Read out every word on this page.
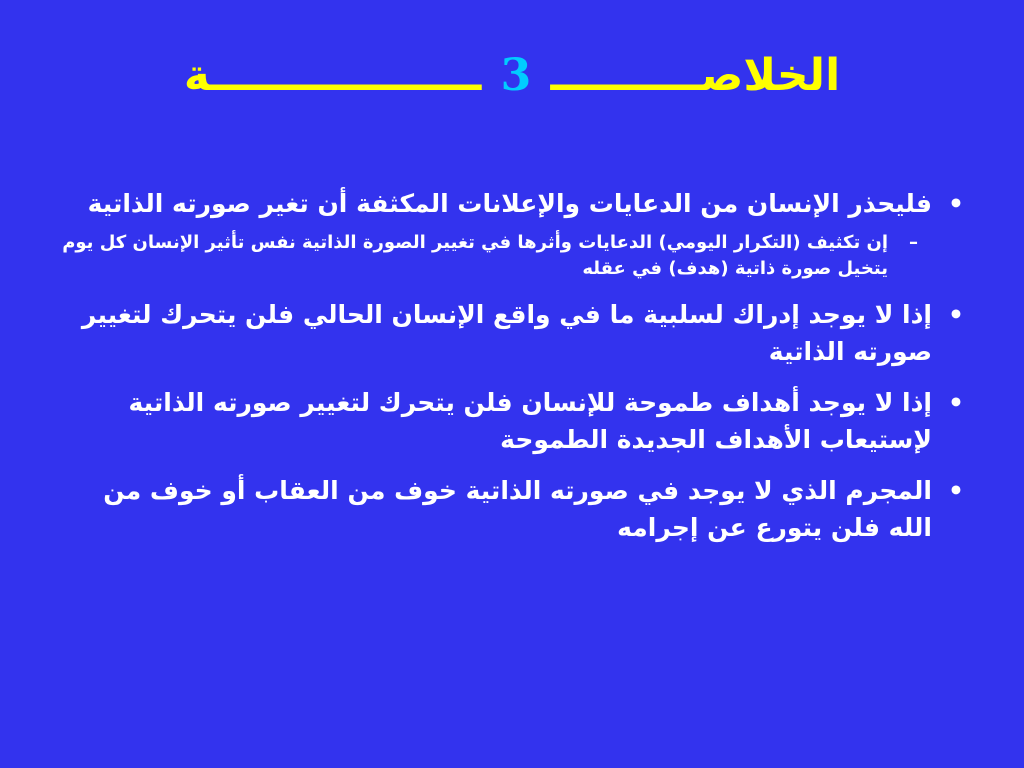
الخلاصــــــــــ 3 ــــــــــــــــــة
•
فليحذر الإنسان من الدعايات والإعلانات المكثفة أن تغير صورته الذاتية
–
إن تكثيف (التكرار اليومي) الدعايات وأثرها في تغيير الصورة الذاتية نفس تأثير الإنسان كل يوم يتخيل صورة ذاتية (هدف) في عقله
•
إذا لا يوجد إدراك لسلبية ما في واقع الإنسان الحالي فلن يتحرك لتغيير صورته الذاتية
•
إذا لا يوجد أهداف طموحة للإنسان فلن يتحرك لتغيير صورته الذاتية لإستيعاب الأهداف الجديدة الطموحة
•
المجرم الذي لا يوجد في صورته الذاتية خوف من العقاب أو خوف من الله فلن يتورع عن إجرامه
